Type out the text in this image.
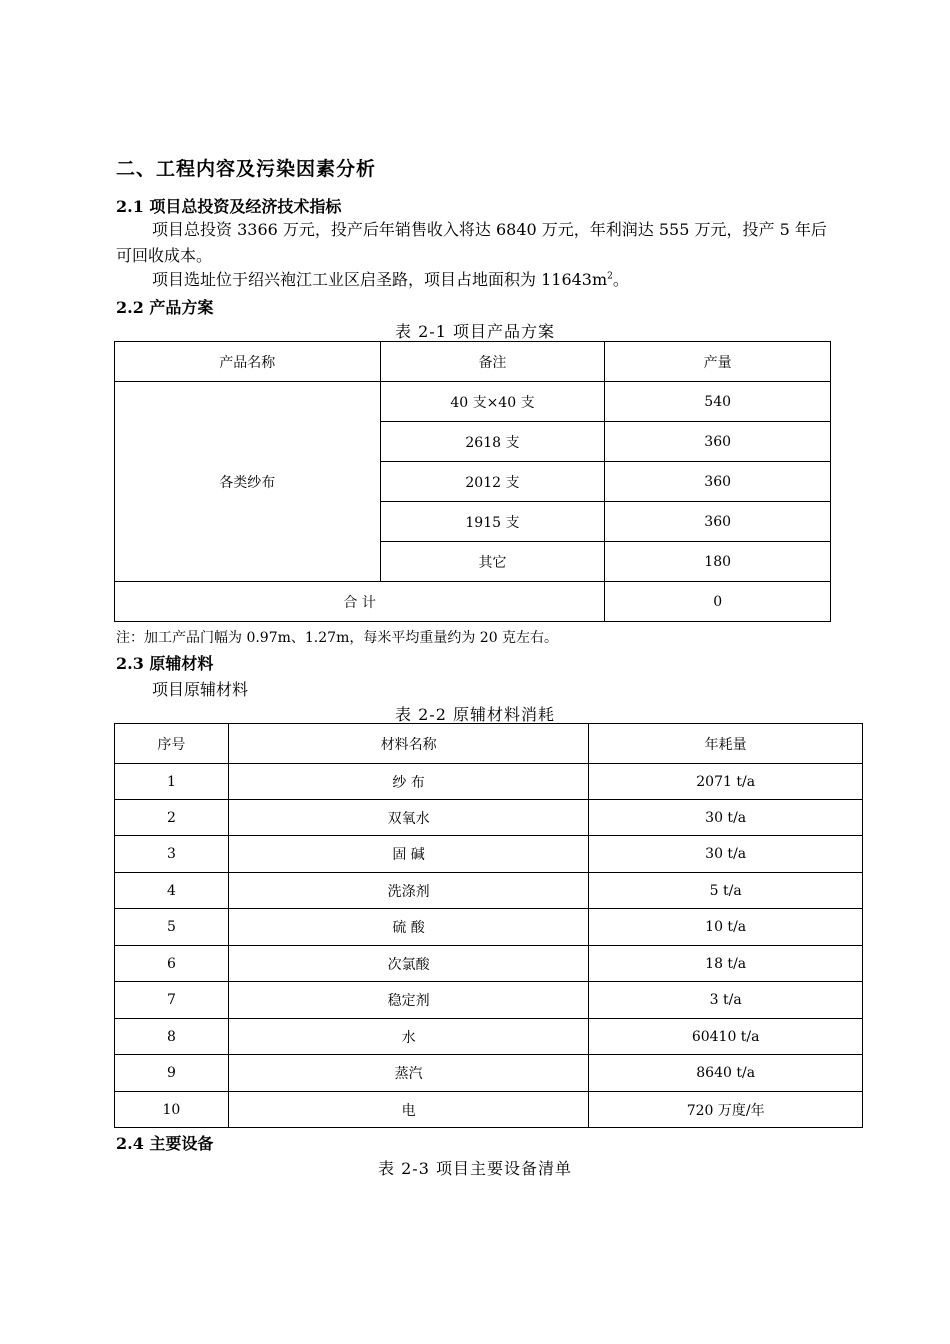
二、工程内容及污染因素分析
2.1 项目总投资及经济技术指标
项目总投资 3366 万元，投产后年销售收入将达 6840 万元，年利润达 555 万元，投产 5 年后可回收成本。
项目选址位于绍兴袍江工业区启圣路，项目占地面积为 $11643m^2$。
2.2 产品方案
表 2-1 项目产品方案
产品名称	备注	产量
各类纱布	40 支×40 支	540
	2618 支	360
	2012 支	360
	1915 支	360
	其它	180
合 计		0
注：加工产品门幅为 0.97m、1.27m，每米平均重量约为 20 克左右。
2.3 原辅材料
项目原辅材料
表 2-2 原辅材料消耗
序号	材料名称	年耗量
1	纱 布	2071 t/a
2	双氧水	30 t/a
3	固 碱	30 t/a
4	洗涤剂	5 t/a
5	硫 酸	10 t/a
6	次氯酸	18 t/a
7	稳定剂	3 t/a
8	水	60410 t/a
9	蒸汽	8640 t/a
10	电	720 万度/年
2.4 主要设备
表 2-3 项目主要设备清单
